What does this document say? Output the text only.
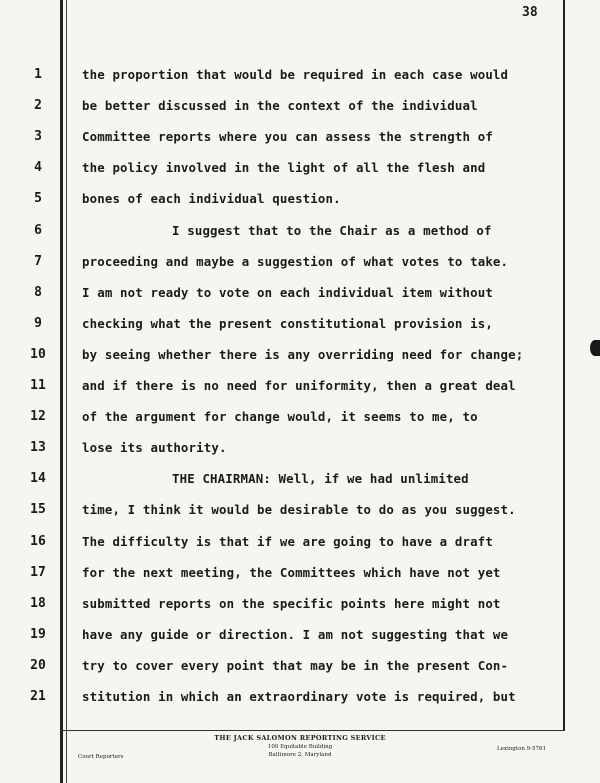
38
1	the proportion that would be required in each case would
2	be better discussed in the context of the individual
3	Committee reports where you can assess the strength of
4	the policy involved in the light of all the flesh and
5	bones of each individual question.
6	I suggest that to the Chair as a method of
7	proceeding and maybe a suggestion of what votes to take.
8	I am not ready to vote on each individual item without
9	checking what the present constitutional provision is,
10	by seeing whether there is any overriding need for change;
11	and if there is no need for uniformity, then a great deal
12	of the argument for change would, it seems to me, to
13	lose its authority.
14	THE CHAIRMAN: Well, if we had unlimited
15	time, I think it would be desirable to do as you suggest.
16	The difficulty is that if we are going to have a draft
17	for the next meeting, the Committees which have not yet
18	submitted reports on the specific points here might not
19	have any guide or direction. I am not suggesting that we
20	try to cover every point that may be in the present Con-
21	stitution in which an extraordinary vote is required, but
THE JACK SALOMON REPORTING SERVICE
100 Equitable Building
Baltimore 2, Maryland
Court Reporters
Lexington 9-5761
